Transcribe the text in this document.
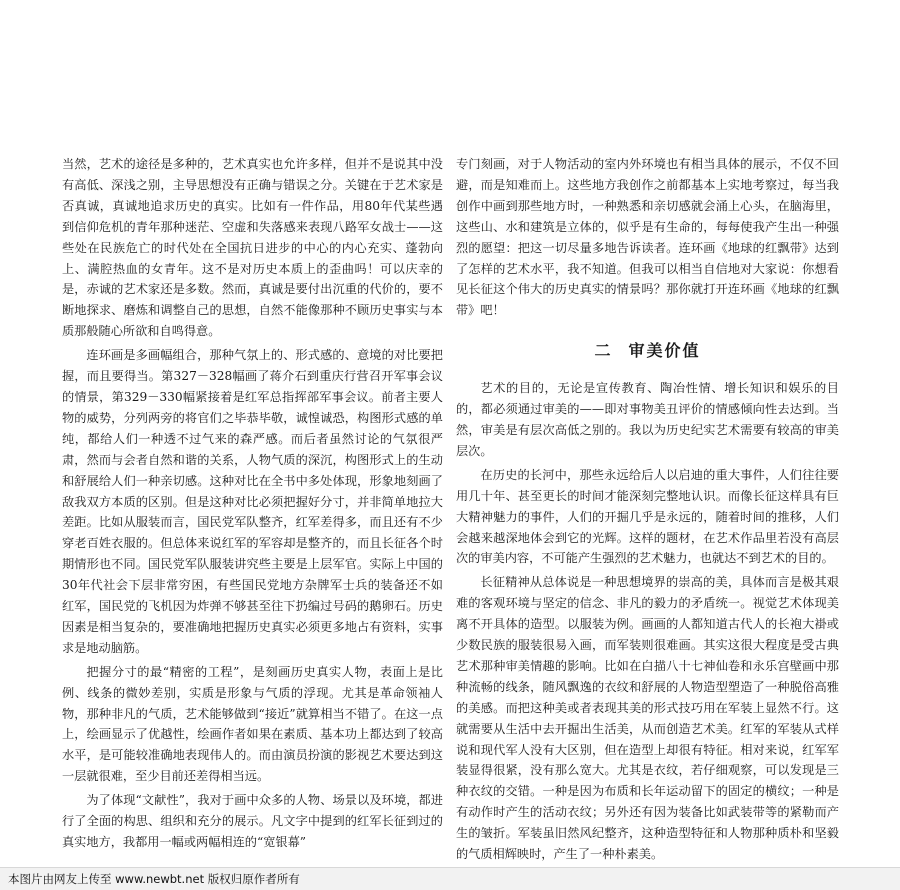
当然，艺术的途径是多种的，艺术真实也允许多样，但并不是说其中没有高低、深浅之别，主导思想没有正确与错误之分。关键在于艺术家是否真诚，真诚地追求历史的真实。比如有一件作品，用80年代某些遇到信仰危机的青年那种迷茫、空虚和失落感来表现八路军女战士——这些处在民族危亡的时代处在全国抗日进步的中心的内心充实、蓬勃向上、满腔热血的女青年。这不是对历史本质上的歪曲吗！可以庆幸的是，赤诚的艺术家还是多数。然而，真诚是要付出沉重的代价的，要不断地探求、磨炼和调整自己的思想，自然不能像那种不顾历史事实与本质那般随心所欲和自鸣得意。

连环画是多画幅组合，那种气氛上的、形式感的、意境的对比要把握，而且要得当。第327－328幅画了蒋介石到重庆行营召开军事会议的情景，第329－330幅紧接着是红军总指挥部军事会议。前者主要人物的威势，分列两旁的将官们之毕恭毕敬，诚惶诚恐，构图形式感的单纯，都给人们一种透不过气来的森严感。而后者虽然讨论的气氛很严肃，然而与会者自然和谐的关系，人物气质的深沉，构图形式上的生动和舒展给人们一种亲切感。这种对比在全书中多处体现，形象地刻画了敌我双方本质的区别。但是这种对比必须把握好分寸，并非简单地拉大差距。比如从服装而言，国民党军队整齐，红军差得多，而且还有不少穿老百姓衣服的。但总体来说红军的军容却是整齐的，而且长征各个时期情形也不同。国民党军队服装讲究些主要是上层军官。实际上中国的30年代社会下层非常穷困，有些国民党地方杂牌军士兵的装备还不如红军，国民党的飞机因为炸弹不够甚至往下扔编过号码的鹅卵石。历史因素是相当复杂的，要准确地把握历史真实必须更多地占有资料，实事求是地动脑筋。

把握分寸的最“精密的工程”，是刻画历史真实人物，表面上是比例、线条的微妙差别，实质是形象与气质的浮现。尤其是革命领袖人物，那种非凡的气质，艺术能够做到“接近”就算相当不错了。在这一点上，绘画显示了优越性，绘画作者如果在素质、基本功上都达到了较高水平，是可能较准确地表现伟人的。而由演员扮演的影视艺术要达到这一层就很难，至少目前还差得相当远。

为了体现“文献性”，我对于画中众多的人物、场景以及环境，都进行了全面的构思、组织和充分的展示。凡文字中提到的红军长征到过的真实地方，我都用一幅或两幅相连的“宽银幕”

专门刻画，对于人物活动的室内外环境也有相当具体的展示，不仅不回避，而是知难而上。这些地方我创作之前都基本上实地考察过，每当我创作中画到那些地方时，一种熟悉和亲切感就会涌上心头，在脑海里，这些山、水和建筑是立体的，似乎是有生命的，每每使我产生出一种强烈的愿望：把这一切尽量多地告诉读者。连环画《地球的红飘带》达到了怎样的艺术水平，我不知道。但我可以相当自信地对大家说：你想看见长征这个伟大的历史真实的情景吗？那你就打开连环画《地球的红飘带》吧！

二 审美价值

艺术的目的，无论是宣传教育、陶冶性情、增长知识和娱乐的目的，都必须通过审美的——即对事物美丑评价的情感倾向性去达到。当然，审美是有层次高低之别的。我以为历史纪实艺术需要有较高的审美层次。

在历史的长河中，那些永远给后人以启迪的重大事件，人们往往要用几十年、甚至更长的时间才能深刻完整地认识。而像长征这样具有巨大精神魅力的事件，人们的开掘几乎是永远的，随着时间的推移，人们会越来越深地体会到它的光辉。这样的题材，在艺术作品里若没有高层次的审美内容，不可能产生强烈的艺术魅力，也就达不到艺术的目的。

长征精神从总体说是一种思想境界的崇高的美，具体而言是极其艰难的客观环境与坚定的信念、非凡的毅力的矛盾统一。视觉艺术体现美离不开具体的造型。以服装为例。画画的人都知道古代人的长袍大褂或少数民族的服装很易入画，而军装则很难画。其实这很大程度是受古典艺术那种审美情趣的影响。比如在白描八十七神仙卷和永乐宫壁画中那种流畅的线条，随风飘逸的衣纹和舒展的人物造型塑造了一种脱俗高雅的美感。而把这种美或者表现其美的形式技巧用在军装上显然不行。这就需要从生活中去开掘出生活美，从而创造艺术美。红军的军装从式样说和现代军人没有大区别，但在造型上却很有特征。相对来说，红军军装显得很紧，没有那么宽大。尤其是衣纹，若仔细观察，可以发现是三种衣纹的交错。一种是因为布质和长年运动留下的固定的横纹；一种是有动作时产生的活动衣纹；另外还有因为装备比如武装带等的紧勒而产生的皱折。军装虽旧然风纪整齐，这种造型特征和人物那种质朴和坚毅的气质相辉映时，产生了一种朴素美。

本图片由网友上传至 www.newbt.net 版权归原作者所有
